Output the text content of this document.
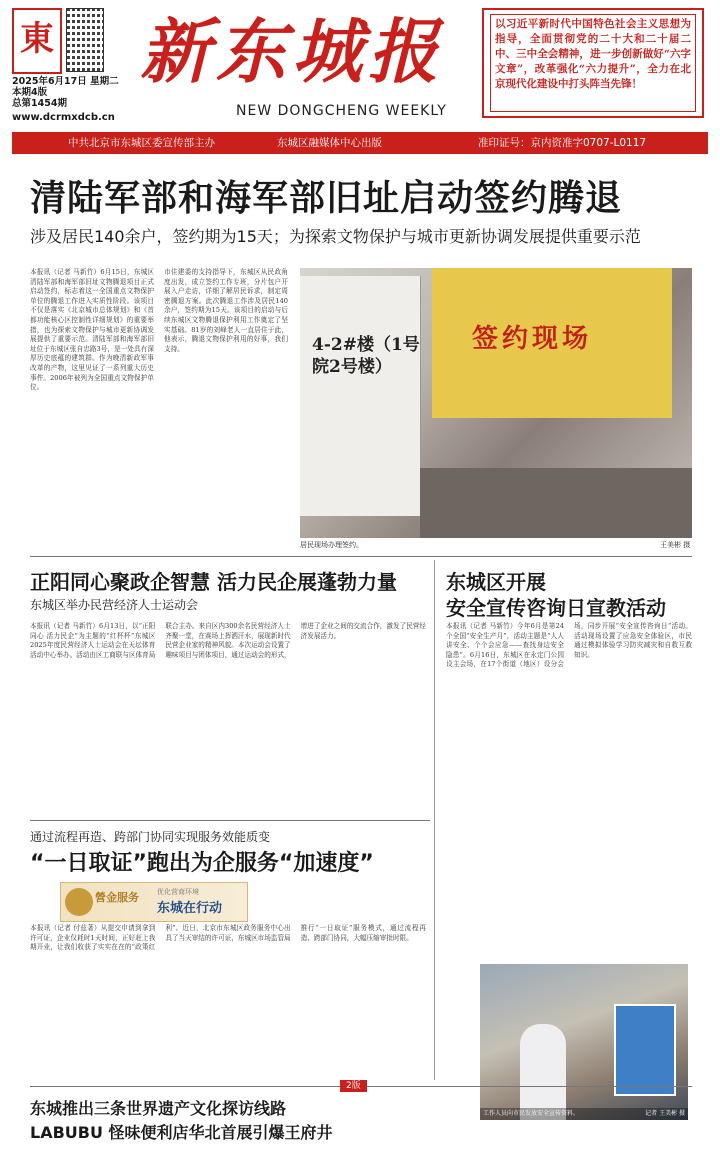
東
2025年6月17日 星期二
本期4版
总第1454期
www.dcrmxdcb.cn
新东城报
NEW DONGCHENG WEEKLY
以习近平新时代中国特色社会主义思想为指导，全面贯彻党的二十大和二十届二中、三中全会精神，进一步创新做好“六字文章”，改革强化“六力提升”，全力在北京现代化建设中打头阵当先锋！
中共北京市东城区委宣传部主办	东城区融媒体中心出版	准印证号：京内资准字0707-L0117
清陆军部和海军部旧址启动签约腾退
涉及居民140余户，签约期为15天；为探索文物保护与城市更新协调发展提供重要示范
本报讯（记者 马新竹）6月15日，东城区清陆军部和海军部旧址文物腾退项目正式启动签约，标志着这一全国重点文物保护单位的腾退工作进入实质性阶段。该项目不仅是落实《北京城市总体规划》和《首都功能核心区控制性详细规划》的重要举措，也为探索文物保护与城市更新协调发展提供了重要示范。清陆军部和海军部旧址位于东城区张自忠路3号，是一处具有深厚历史底蕴的建筑群。作为晚清新政军事改革的产物，这里见证了一系列重大历史事件。2006年被列为全国重点文物保护单位。
市住建委的支持指导下，东城区从民政角度出发，成立签约工作专班，分片包户开展入户走访，详细了解居民诉求，制定周密腾退方案。此次腾退工作涉及居民140余户，签约期为15天。该项目的启动与后续东城区文物腾退保护利用工作奠定了坚实基础。81岁的刘峰老人一直居住于此，他表示，腾退文物保护利用的好事，我们支持。	4-2#楼（1号院2号楼）
签约现场
居民现场办理签约。	王美彬 摄
正阳同心聚政企智慧 活力民企展蓬勃力量
东城区举办民营经济人士运动会
本报讯（记者 马新竹）6月13日，以“正阳同心 活力民企”为主题的“红杯杯”东城区2025年度民营经济人士运动会在天坛体育活动中心举办。活动由区工商联与区体育局联合主办。来自区内300余名民营经济人士齐聚一堂，在赛场上挥洒汗水，展现新时代民营企业家的精神风貌。本次运动会设置了趣味项目与团体项目，通过运动会的形式，增进了企业之间的交流合作，激发了民营经济发展活力。
东城区开展
安全宣传咨询日宣教活动
本报讯（记者 马新竹）今年6月是第24个全国“安全生产月”，活动主题是“人人讲安全、个个会应急——查找身边安全隐患”。6月16日，东城区在永定门公园设主会场，在17个街道（地区）设分会场，同步开展“安全宣传咨询日”活动。活动现场设置了应急安全体验区，市民通过模拟体验学习防灾减灾和自救互救知识。
通过流程再造、跨部门协同实现服务效能质变
“一日取证”跑出为企服务“加速度”
營金服务	优化营商环境
东城在行动
本报讯（记者 付兹著）从提交申请到拿到许可证，企业仅耗时1天时间，正好赶上我期开业，让我们收获了实实在在的“政策红利”。近日，北京市东城区政务服务中心出具了当天审结的许可证，东城区市场监管局推行“一日取证”服务模式，通过流程再造、跨部门协同，大幅压缩审批时限。
工作人员向市民发放安全宣传资料。	记者 王美彬 摄
2版
东城推出三条世界遗产文化探访线路
LABUBU 怪味便利店华北首展引爆王府井
